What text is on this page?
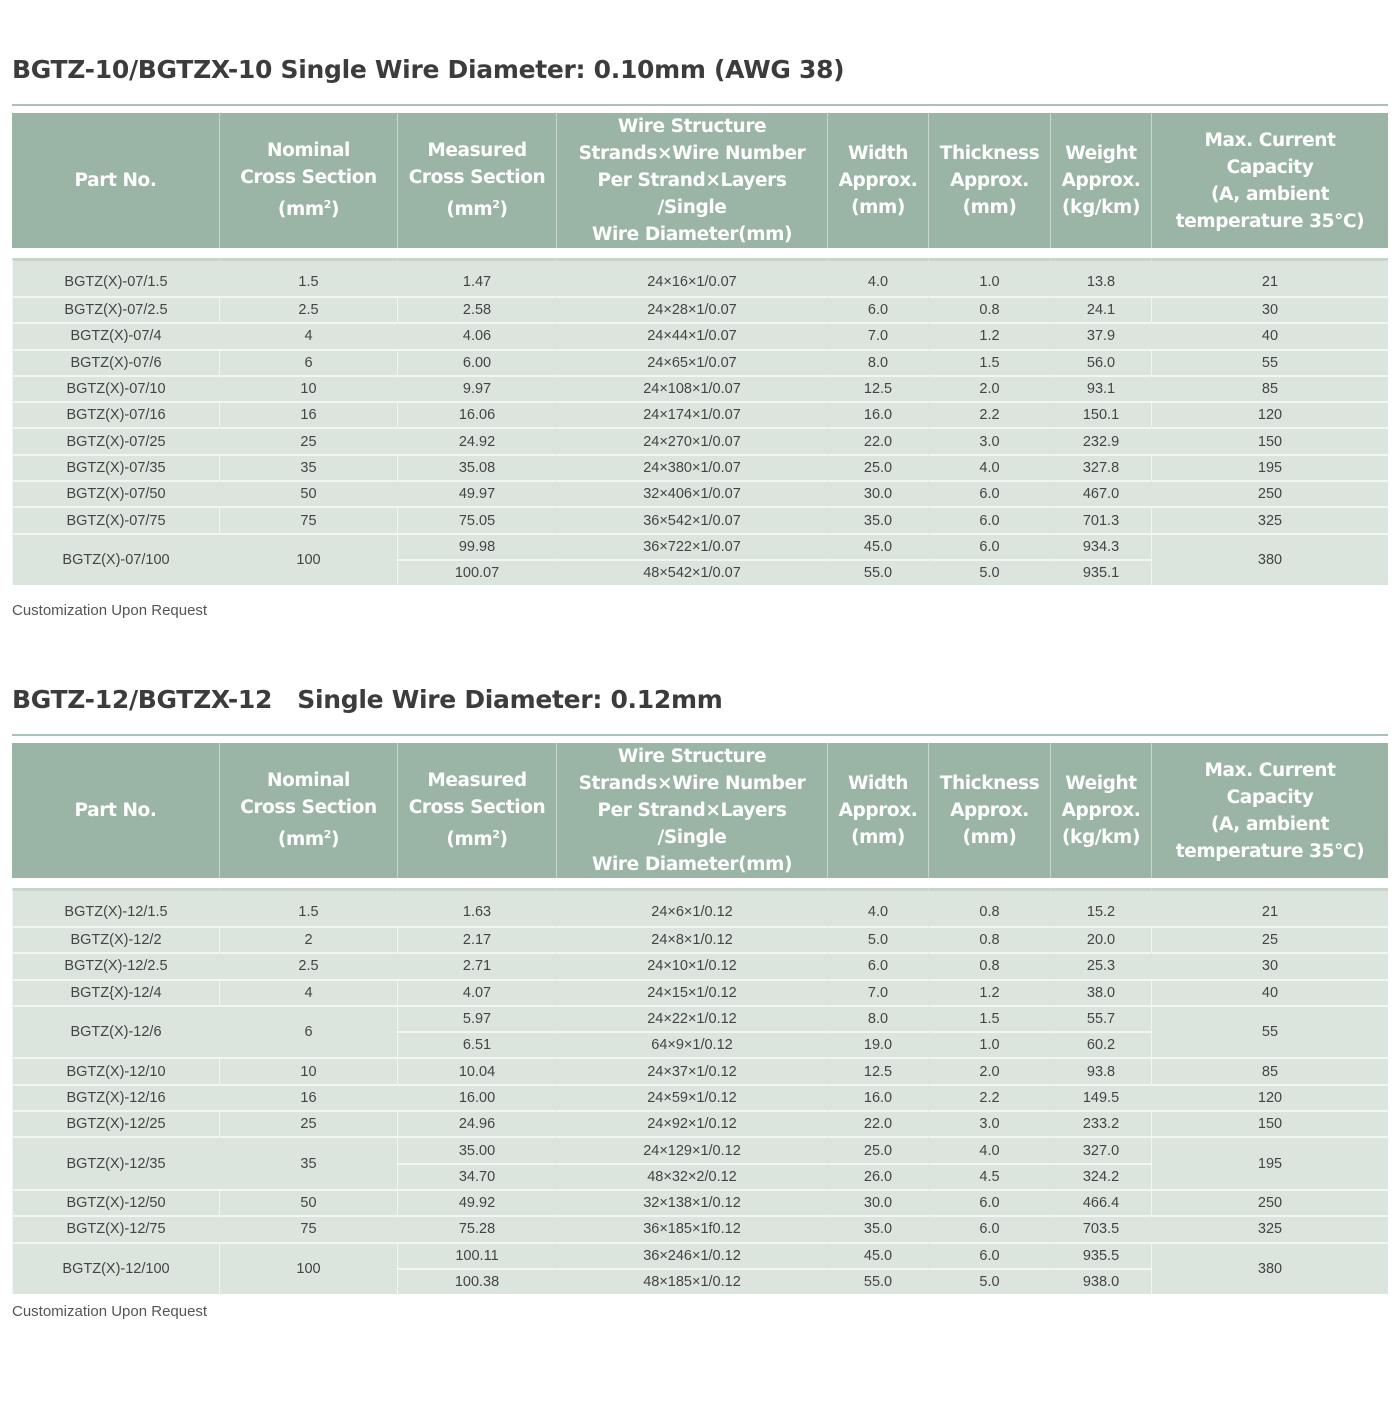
BGTZ-10/BGTZX-10 Single Wire Diameter: 0.10mm (AWG 38)
Part No.	Nominal
Cross Section
$(mm^2)$	Measured
Cross Section
$(mm^2)$	Wire Structure
Strands×Wire Number
Per Strand×Layers /Single
Wire Diameter(mm)	Width
Approx.
(mm)	Thickness
Approx.
(mm)	Weight
Approx.
(kg/km)	Max. Current
Capacity
(A, ambient
temperature 35℃)

BGTZ(X)-07/1.5	1.5	1.47	24×16×1/0.07	4.0	1.0	13.8	21
BGTZ(X)-07/2.5	2.5	2.58	24×28×1/0.07	6.0	0.8	24.1	30
BGTZ(X)-07/4	4	4.06	24×44×1/0.07	7.0	1.2	37.9	40
BGTZ(X)-07/6	6	6.00	24×65×1/0.07	8.0	1.5	56.0	55
BGTZ(X)-07/10	10	9.97	24×108×1/0.07	12.5	2.0	93.1	85
BGTZ(X)-07/16	16	16.06	24×174×1/0.07	16.0	2.2	150.1	120
BGTZ(X)-07/25	25	24.92	24×270×1/0.07	22.0	3.0	232.9	150
BGTZ(X)-07/35	35	35.08	24×380×1/0.07	25.0	4.0	327.8	195
BGTZ(X)-07/50	50	49.97	32×406×1/0.07	30.0	6.0	467.0	250
BGTZ(X)-07/75	75	75.05	36×542×1/0.07	35.0	6.0	701.3	325
BGTZ(X)-07/100	100	99.98	36×722×1/0.07	45.0	6.0	934.3	380
		100.07	48×542×1/0.07	55.0	5.0	935.1	
Customization Upon Request
BGTZ-12/BGTZX-12   Single Wire Diameter: 0.12mm
Part No.	Nominal
Cross Section
$(mm^2)$	Measured
Cross Section
$(mm^2)$	Wire Structure
Strands×Wire Number
Per Strand×Layers /Single
Wire Diameter(mm)	Width
Approx.
(mm)	Thickness
Approx.
(mm)	Weight
Approx.
(kg/km)	Max. Current
Capacity
(A, ambient
temperature 35℃)

BGTZ(X)-12/1.5	1.5	1.63	24×6×1/0.12	4.0	0.8	15.2	21
BGTZ(X)-12/2	2	2.17	24×8×1/0.12	5.0	0.8	20.0	25
BGTZ(X)-12/2.5	2.5	2.71	24×10×1/0.12	6.0	0.8	25.3	30
BGTZ{X)-12/4	4	4.07	24×15×1/0.12	7.0	1.2	38.0	40
BGTZ(X)-12/6	6	5.97	24×22×1/0.12	8.0	1.5	55.7	55
		6.51	64×9×1/0.12	19.0	1.0	60.2	
BGTZ(X)-12/10	10	10.04	24×37×1/0.12	12.5	2.0	93.8	85
BGTZ(X)-12/16	16	16.00	24×59×1/0.12	16.0	2.2	149.5	120
BGTZ(X)-12/25	25	24.96	24×92×1/0.12	22.0	3.0	233.2	150
BGTZ(X)-12/35	35	35.00	24×129×1/0.12	25.0	4.0	327.0	195
		34.70	48×32×2/0.12	26.0	4.5	324.2	
BGTZ(X)-12/50	50	49.92	32×138×1/0.12	30.0	6.0	466.4	250
BGTZ(X)-12/75	75	75.28	36×185×1f0.12	35.0	6.0	703.5	325
BGTZ(X)-12/100	100	100.11	36×246×1/0.12	45.0	6.0	935.5	380
		100.38	48×185×1/0.12	55.0	5.0	938.0	
Customization Upon Request
